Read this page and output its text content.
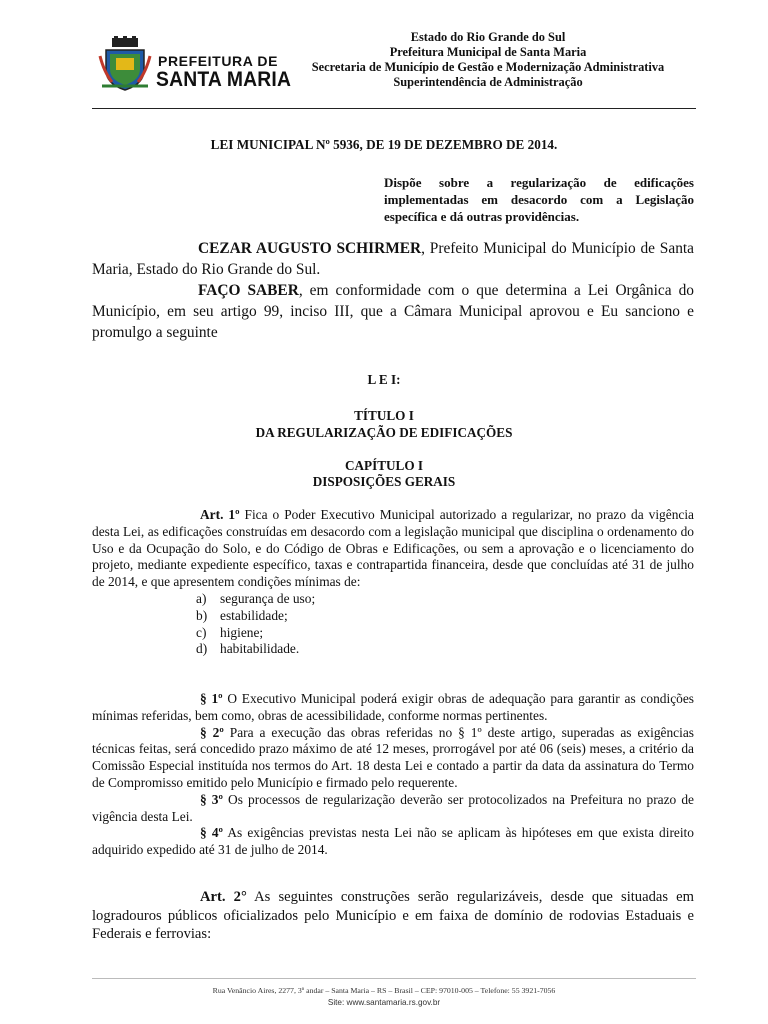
PREFEITURA DE
SANTA MARIA
Estado do Rio Grande do Sul
Prefeitura Municipal de Santa Maria
Secretaria de Município de Gestão e Modernização Administrativa
Superintendência de Administração
LEI MUNICIPAL Nº 5936, DE 19 DE DEZEMBRO DE 2014.
Dispõe sobre a regularização de edificações implementadas em desacordo com a Legislação específica e dá outras providências.
CEZAR AUGUSTO SCHIRMER, Prefeito Municipal do Município de Santa Maria, Estado do Rio Grande do Sul.
FAÇO SABER, em conformidade com o que determina a Lei Orgânica do Município, em seu artigo 99, inciso III, que a Câmara Municipal aprovou e Eu sanciono e promulgo a seguinte
L E I:
TÍTULO I
DA REGULARIZAÇÃO DE EDIFICAÇÕES
CAPÍTULO I
DISPOSIÇÕES GERAIS
Art. 1º Fica o Poder Executivo Municipal autorizado a regularizar, no prazo da vigência desta Lei, as edificações construídas em desacordo com a legislação municipal que disciplina o ordenamento do Uso e da Ocupação do Solo, e do Código de Obras e Edificações, ou sem a aprovação e o licenciamento do projeto, mediante expediente específico, taxas e contrapartida financeira, desde que concluídas até 31 de julho de 2014, e que apresentem condições mínimas de:
a) segurança de uso;
b) estabilidade;
c) higiene;
d) habitabilidade.
§ 1º O Executivo Municipal poderá exigir obras de adequação para garantir as condições mínimas referidas, bem como, obras de acessibilidade, conforme normas pertinentes.
§ 2º Para a execução das obras referidas no § 1º deste artigo, superadas as exigências técnicas feitas, será concedido prazo máximo de até 12 meses, prorrogável por até 06 (seis) meses, a critério da Comissão Especial instituída nos termos do Art. 18 desta Lei e contado a partir da data da assinatura do Termo de Compromisso emitido pelo Município e firmado pelo requerente.
§ 3º Os processos de regularização deverão ser protocolizados na Prefeitura no prazo de vigência desta Lei.
§ 4º As exigências previstas nesta Lei não se aplicam às hipóteses em que exista direito adquirido expedido até 31 de julho de 2014.
Art. 2° As seguintes construções serão regularizáveis, desde que situadas em logradouros públicos oficializados pelo Município e em faixa de domínio de rodovias Estaduais e Federais e ferrovias:
Rua Venâncio Aires, 2277, 3º andar – Santa Maria – RS – Brasil – CEP: 97010-005 – Telefone: 55 3921-7056
Site: www.santamaria.rs.gov.br
